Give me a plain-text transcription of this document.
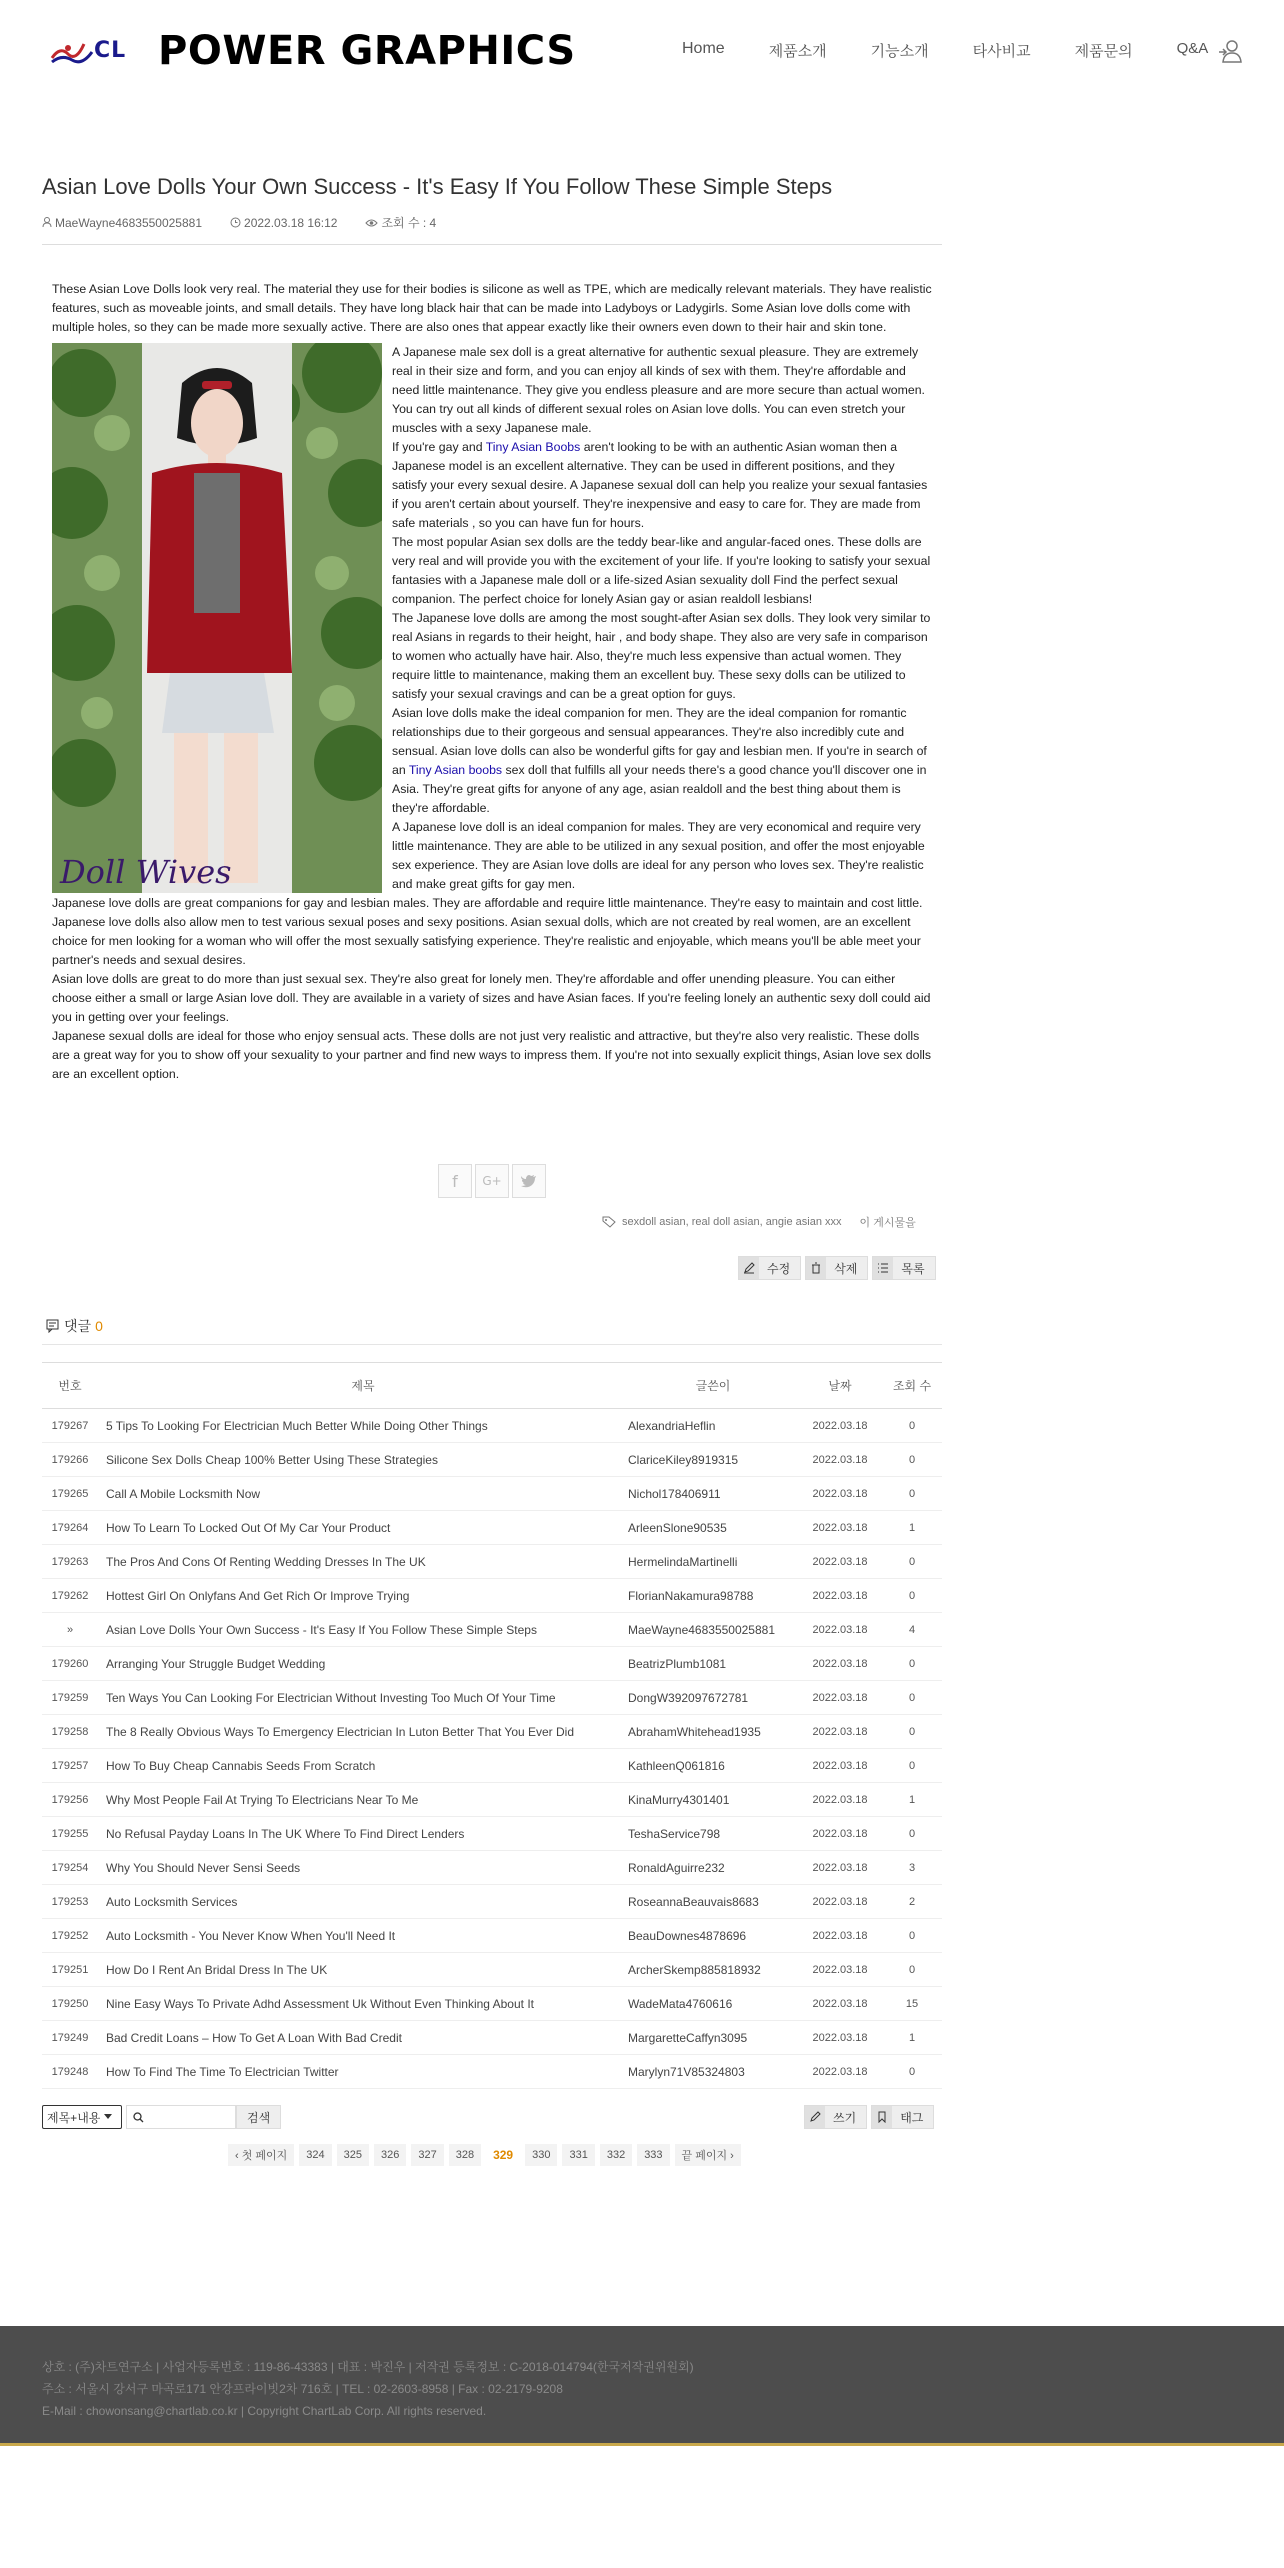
CL POWER GRAPHICS	Home	제품소개	기능소개	타사비교	제품문의	Q&A
Asian Love Dolls Your Own Success - It's Easy If You Follow These Simple Steps
MaeWayne4683550025881	2022.03.18 16:12	조회 수 : 4

These Asian Love Dolls look very real. The material they use for their bodies is silicone as well as TPE, which are medically relevant materials. They have realistic features, such as moveable joints, and small details. They have long black hair that can be made into Ladyboys or Ladygirls. Some Asian love dolls come with multiple holes, so they can be made more sexually active. There are also ones that appear exactly like their owners even down to their hair and skin tone.

Doll Wives

A Japanese male sex doll is a great alternative for authentic sexual pleasure. They are extremely real in their size and form, and you can enjoy all kinds of sex with them. They're affordable and need little maintenance. They give you endless pleasure and are more secure than actual women. You can try out all kinds of different sexual roles on Asian love dolls. You can even stretch your muscles with a sexy Japanese male.

If you're gay and Tiny Asian Boobs aren't looking to be with an authentic Asian woman then a Japanese model is an excellent alternative. They can be used in different positions, and they satisfy your every sexual desire. A Japanese sexual doll can help you realize your sexual fantasies if you aren't certain about yourself. They're inexpensive and easy to care for. They are made from safe materials , so you can have fun for hours.

The most popular Asian sex dolls are the teddy bear-like and angular-faced ones. These dolls are very real and will provide you with the excitement of your life. If you're looking to satisfy your sexual fantasies with a Japanese male doll or a life-sized Asian sexuality doll Find the perfect sexual companion. The perfect choice for lonely Asian gay or asian realdoll lesbians!

The Japanese love dolls are among the most sought-after Asian sex dolls. They look very similar to real Asians in regards to their height, hair , and body shape. They also are very safe in comparison to women who actually have hair. Also, they're much less expensive than actual women. They require little to maintenance, making them an excellent buy. These sexy dolls can be utilized to satisfy your sexual cravings and can be a great option for guys.

Asian love dolls make the ideal companion for men. They are the ideal companion for romantic relationships due to their gorgeous and sensual appearances. They're also incredibly cute and sensual. Asian love dolls can also be wonderful gifts for gay and lesbian men. If you're in search of an Tiny Asian boobs sex doll that fulfills all your needs there's a good chance you'll discover one in Asia. They're great gifts for anyone of any age, asian realdoll and the best thing about them is they're affordable.

A Japanese love doll is an ideal companion for males. They are very economical and require very little maintenance. They are able to be utilized in any sexual position, and offer the most enjoyable sex experience. They are Asian love dolls are ideal for any person who loves sex. They're realistic and make great gifts for gay men.

Japanese love dolls are great companions for gay and lesbian males. They are affordable and require little maintenance. They're easy to maintain and cost little. Japanese love dolls also allow men to test various sexual poses and sexy positions. Asian sexual dolls, which are not created by real women, are an excellent choice for men looking for a woman who will offer the most sexually satisfying experience. They're realistic and enjoyable, which means you'll be able meet your partner's needs and sexual desires.

Asian love dolls are great to do more than just sexual sex. They're also great for lonely men. They're affordable and offer unending pleasure. You can either choose either a small or large Asian love doll. They are available in a variety of sizes and have Asian faces. If you're feeling lonely an authentic sexy doll could aid you in getting over your feelings.

Japanese sexual dolls are ideal for those who enjoy sensual acts. These dolls are not just very realistic and attractive, but they're also very realistic. These dolls are a great way for you to show off your sexuality to your partner and find new ways to impress them. If you're not into sexually explicit things, Asian love sex dolls are an excellent option.

f	G+
sexdoll asian, real doll asian, angie asian xxx 이 게시물을
수정	삭제	목록
댓글 0
번호	제목	글쓴이	날짜	조회 수
179267	5 Tips To Looking For Electrician Much Better While Doing Other Things	AlexandriaHeflin	2022.03.18	0
179266	Silicone Sex Dolls Cheap 100% Better Using These Strategies	ClariceKiley8919315	2022.03.18	0
179265	Call A Mobile Locksmith Now	Nichol178406911	2022.03.18	0
179264	How To Learn To Locked Out Of My Car Your Product	ArleenSlone90535	2022.03.18	1
179263	The Pros And Cons Of Renting Wedding Dresses In The UK	HermelindaMartinelli	2022.03.18	0
179262	Hottest Girl On Onlyfans And Get Rich Or Improve Trying	FlorianNakamura98788	2022.03.18	0
»	Asian Love Dolls Your Own Success - It's Easy If You Follow These Simple Steps	MaeWayne4683550025881	2022.03.18	4
179260	Arranging Your Struggle Budget Wedding	BeatrizPlumb1081	2022.03.18	0
179259	Ten Ways You Can Looking For Electrician Without Investing Too Much Of Your Time	DongW392097672781	2022.03.18	0
179258	The 8 Really Obvious Ways To Emergency Electrician In Luton Better That You Ever Did	AbrahamWhitehead1935	2022.03.18	0
179257	How To Buy Cheap Cannabis Seeds From Scratch	KathleenQ061816	2022.03.18	0
179256	Why Most People Fail At Trying To Electricians Near To Me	KinaMurry4301401	2022.03.18	1
179255	No Refusal Payday Loans In The UK Where To Find Direct Lenders	TeshaService798	2022.03.18	0
179254	Why You Should Never Sensi Seeds	RonaldAguirre232	2022.03.18	3
179253	Auto Locksmith Services	RoseannaBeauvais8683	2022.03.18	2
179252	Auto Locksmith - You Never Know When You'll Need It	BeauDownes4878696	2022.03.18	0
179251	How Do I Rent An Bridal Dress In The UK	ArcherSkemp885818932	2022.03.18	0
179250	Nine Easy Ways To Private Adhd Assessment Uk Without Even Thinking About It	WadeMata4760616	2022.03.18	15
179249	Bad Credit Loans – How To Get A Loan With Bad Credit	MargaretteCaffyn3095	2022.03.18	1
179248	How To Find The Time To Electrician Twitter	Marylyn71V85324803	2022.03.18	0
제목+내용	검색	쓰기	태그
‹ 첫 페이지	324	325	326	327	328	329	330	331	332	333	끝 페이지 ›
상호 : (주)차트연구소 | 사업자등록번호 : 119-86-43383 | 대표 : 박진우 | 저작권 등록정보 : C-2018-014794(한국저작권위원회)
주소 : 서울시 강서구 마곡로171 안강프라이빗2차 716호 | TEL : 02-2603-8958 | Fax : 02-2179-9208
E-Mail : chowonsang@chartlab.co.kr | Copyright ChartLab Corp. All rights reserved.
